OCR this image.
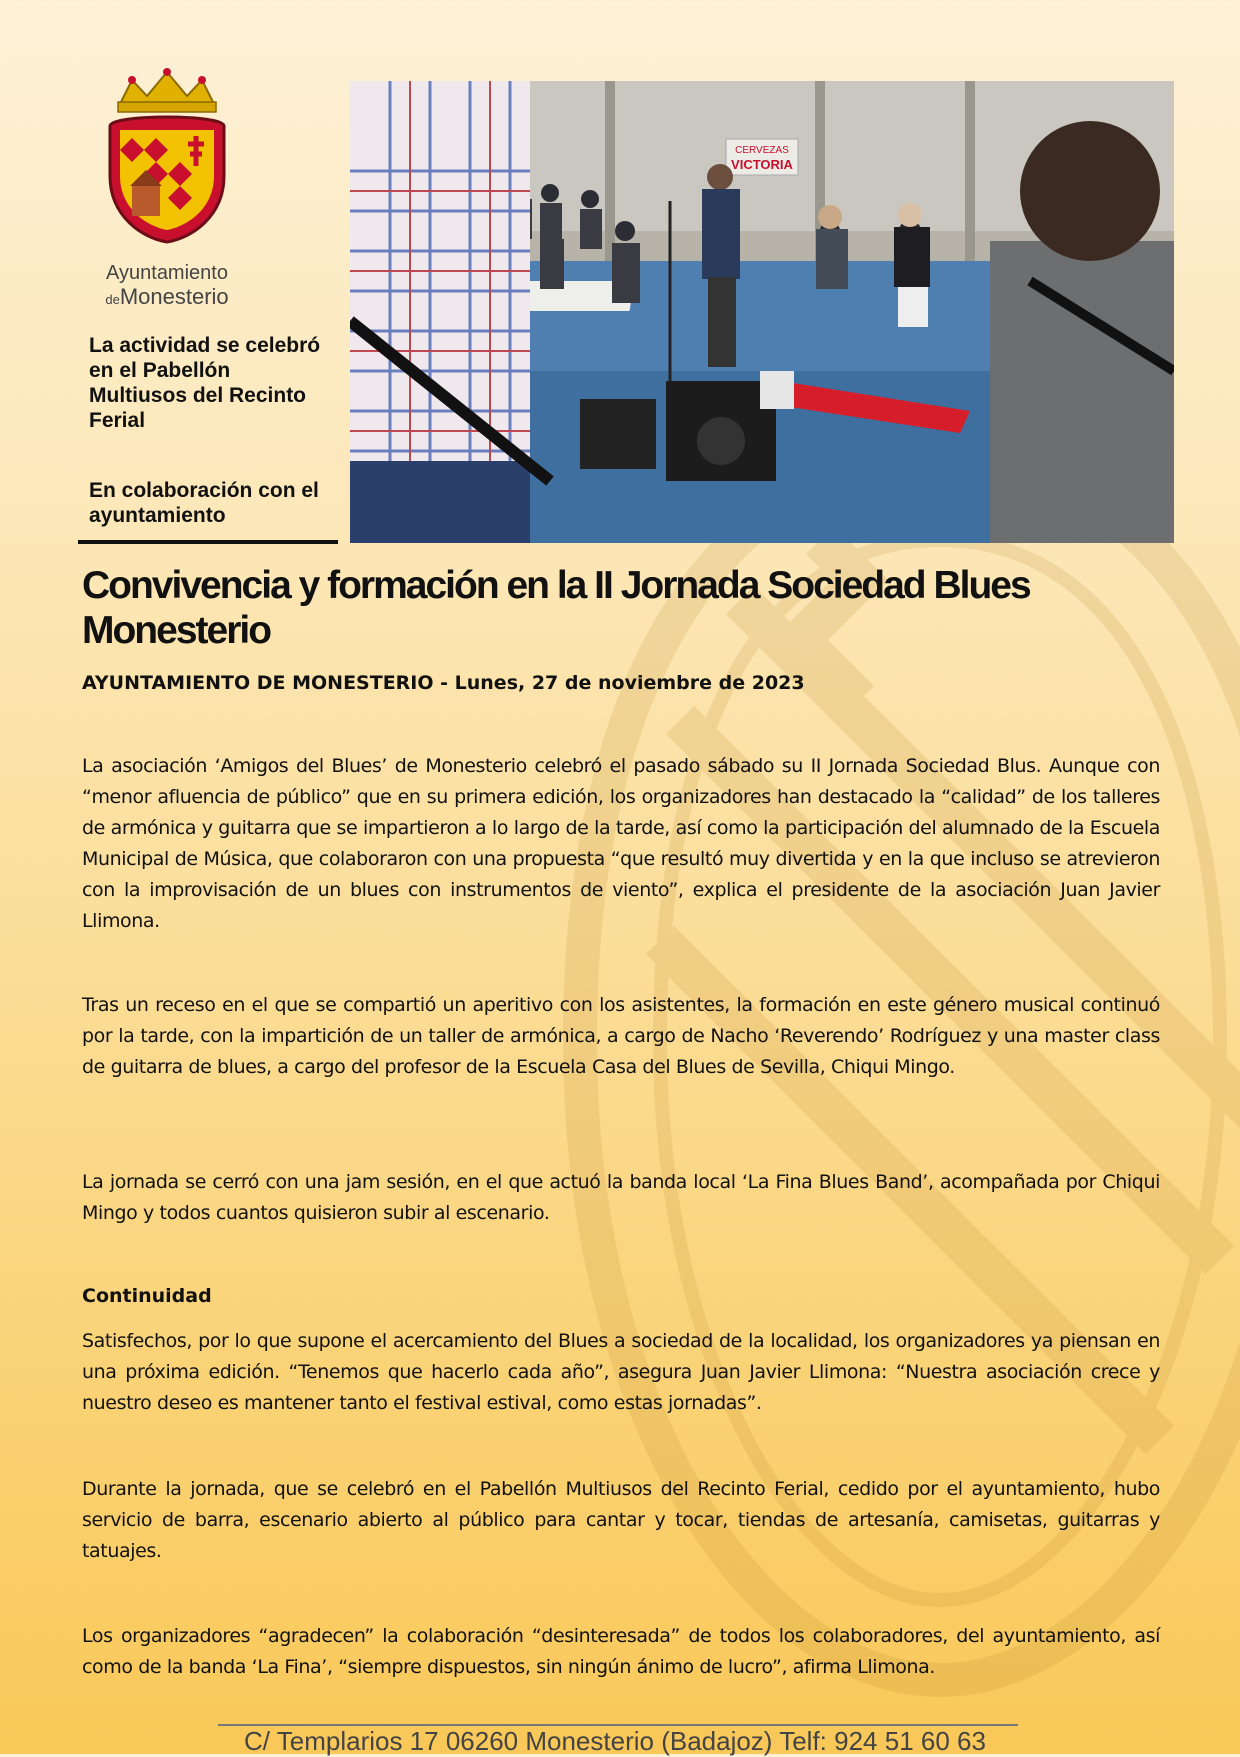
Ayuntamiento
deMonesterio
La actividad se celebró en el Pabellón Multiusos del Recinto Ferial
En colaboración con el ayuntamiento
CERVEZAS
VICTORIA
Convivencia y formación en la II Jornada Sociedad Blues Monesterio

AYUNTAMIENTO DE MONESTERIO - Lunes, 27 de noviembre de 2023

La asociación ‘Amigos del Blues’ de Monesterio celebró el pasado sábado su II Jornada Sociedad Blus. Aunque con “menor afluencia de público” que en su primera edición, los organizadores han destacado la “calidad” de los talleres de armónica y guitarra que se impartieron a lo largo de la tarde, así como la participación del alumnado de la Escuela Municipal de Música, que colaboraron con una propuesta “que resultó muy divertida y en la que incluso se atrevieron con la improvisación de un blues con instrumentos de viento”, explica el presidente de la asociación Juan Javier Llimona.

Tras un receso en el que se compartió un aperitivo con los asistentes, la formación en este género musical continuó por la tarde, con la impartición de un taller de armónica, a cargo de Nacho ‘Reverendo’ Rodríguez y una master class de guitarra de blues, a cargo del profesor de la Escuela Casa del Blues de Sevilla, Chiqui Mingo.

La jornada se cerró con una jam sesión, en el que actuó la banda local ‘La Fina Blues Band’, acompañada por Chiqui Mingo y todos cuantos quisieron subir al escenario.

Continuidad

Satisfechos, por lo que supone el acercamiento del Blues a sociedad de la localidad, los organizadores ya piensan en una próxima edición. “Tenemos que hacerlo cada año”, asegura Juan Javier Llimona: “Nuestra asociación crece y nuestro deseo es mantener tanto el festival estival, como estas jornadas”.

Durante la jornada, que se celebró en el Pabellón Multiusos del Recinto Ferial, cedido por el ayuntamiento, hubo servicio de barra, escenario abierto al público para cantar y tocar, tiendas de artesanía, camisetas, guitarras y tatuajes.

Los organizadores “agradecen” la colaboración “desinteresada” de todos los colaboradores, del ayuntamiento, así como de la banda ‘La Fina’, “siempre dispuestos, sin ningún ánimo de lucro”, afirma Llimona.

C/ Templarios 17 06260 Monesterio (Badajoz) Telf: 924 51 60 63
